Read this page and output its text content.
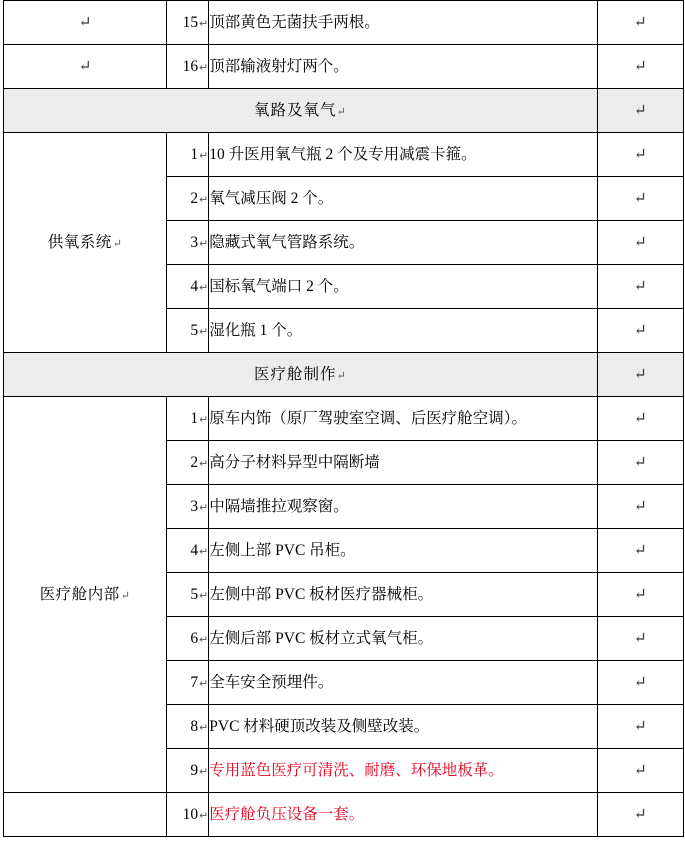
↵	15↵	顶部黄色无菌扶手两根。	↵
↵	16↵	顶部输液射灯两个。	↵
氧路及氧气↵			↵
供氧系统↵	1↵	10 升医用氧气瓶 2 个及专用减震卡箍。	↵
	2↵	氧气减压阀 2 个。	↵
	3↵	隐藏式氧气管路系统。	↵
	4↵	国标氧气端口 2 个。	↵
	5↵	湿化瓶 1 个。	↵
医疗舱制作↵			↵
医疗舱内部↵	1↵	原车内饰（原厂驾驶室空调、后医疗舱空调）。	↵
	2↵	高分子材料异型中隔断墙	↵
	3↵	中隔墙推拉观察窗。	↵
	4↵	左侧上部 PVC 吊柜。	↵
	5↵	左侧中部 PVC 板材医疗器械柜。	↵
	6↵	左侧后部 PVC 板材立式氧气柜。	↵
	7↵	全车安全预埋件。	↵
	8↵	PVC 材料硬顶改装及侧壁改装。	↵
	9↵	专用蓝色医疗可清洗、耐磨、环保地板革。	↵
	10↵	医疗舱负压设备一套。	↵
